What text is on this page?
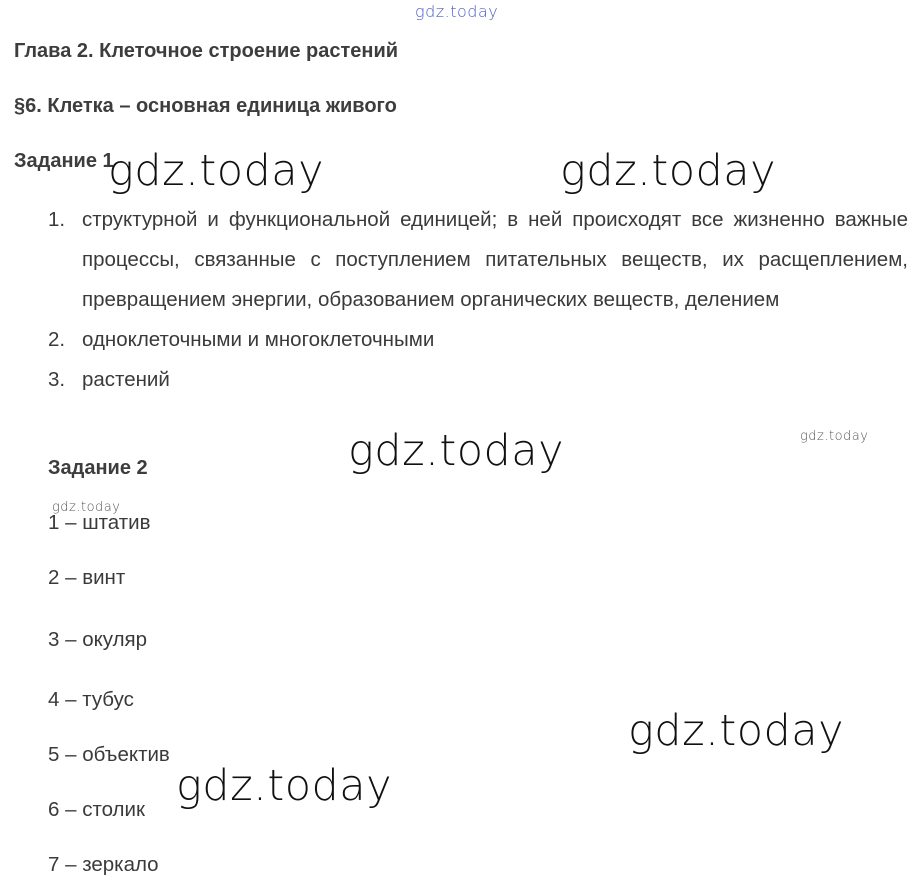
gdz.today
Глава 2. Клеточное строение растений
§6. Клетка – основная единица живого
Задание 1
1. структурной и функциональной единицей; в ней происходят все жизненно важные процессы, связанные с поступлением питательных веществ, их расщеплением, превращением энергии, образованием органических веществ, делением
2. одноклеточными и многоклеточными
3. растений
Задание 2
1 – штатив
2 – винт
3 – окуляр
4 – тубус
5 – объектив
6 – столик
7 – зеркало
gdz.today	gdz.today
gdz.today
gdz.today
gdz.today
gdz.today
gdz.today
